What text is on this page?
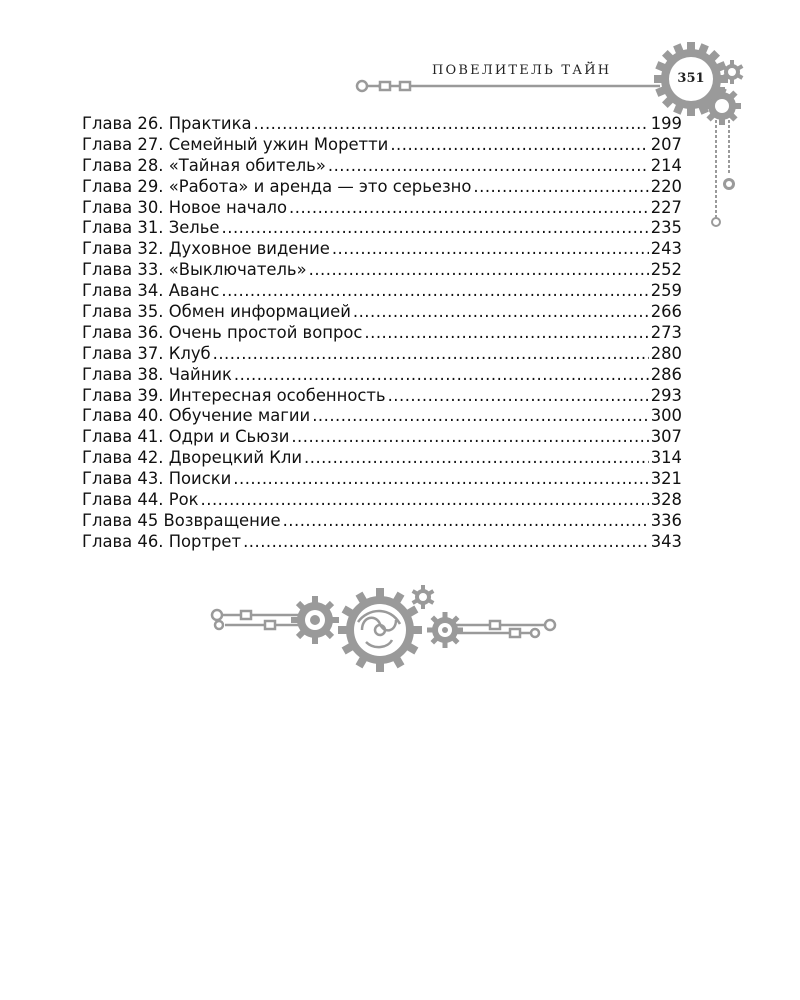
ПОВЕЛИТЕЛЬ ТАЙН
351
Глава 26. Практика .....	199
Глава 27. Семейный ужин Моретти .....	207
Глава 28. «Тайная обитель» .....	214
Глава 29. «Работа» и аренда — это серьезно .....	220
Глава 30. Новое начало .....	227
Глава 31. Зелье .....	235
Глава 32. Духовное видение .....	243
Глава 33. «Выключатель» .....	252
Глава 34. Аванс .....	259
Глава 35. Обмен информацией .....	266
Глава 36. Очень простой вопрос .....	273
Глава 37. Клуб .....	280
Глава 38. Чайник .....	286
Глава 39. Интересная особенность .....	293
Глава 40. Обучение магии .....	300
Глава 41. Одри и Сьюзи .....	307
Глава 42. Дворецкий Кли .....	314
Глава 43. Поиски .....	321
Глава 44. Рок .....	328
Глава 45 Возвращение .....	336
Глава 46. Портрет .....	343
